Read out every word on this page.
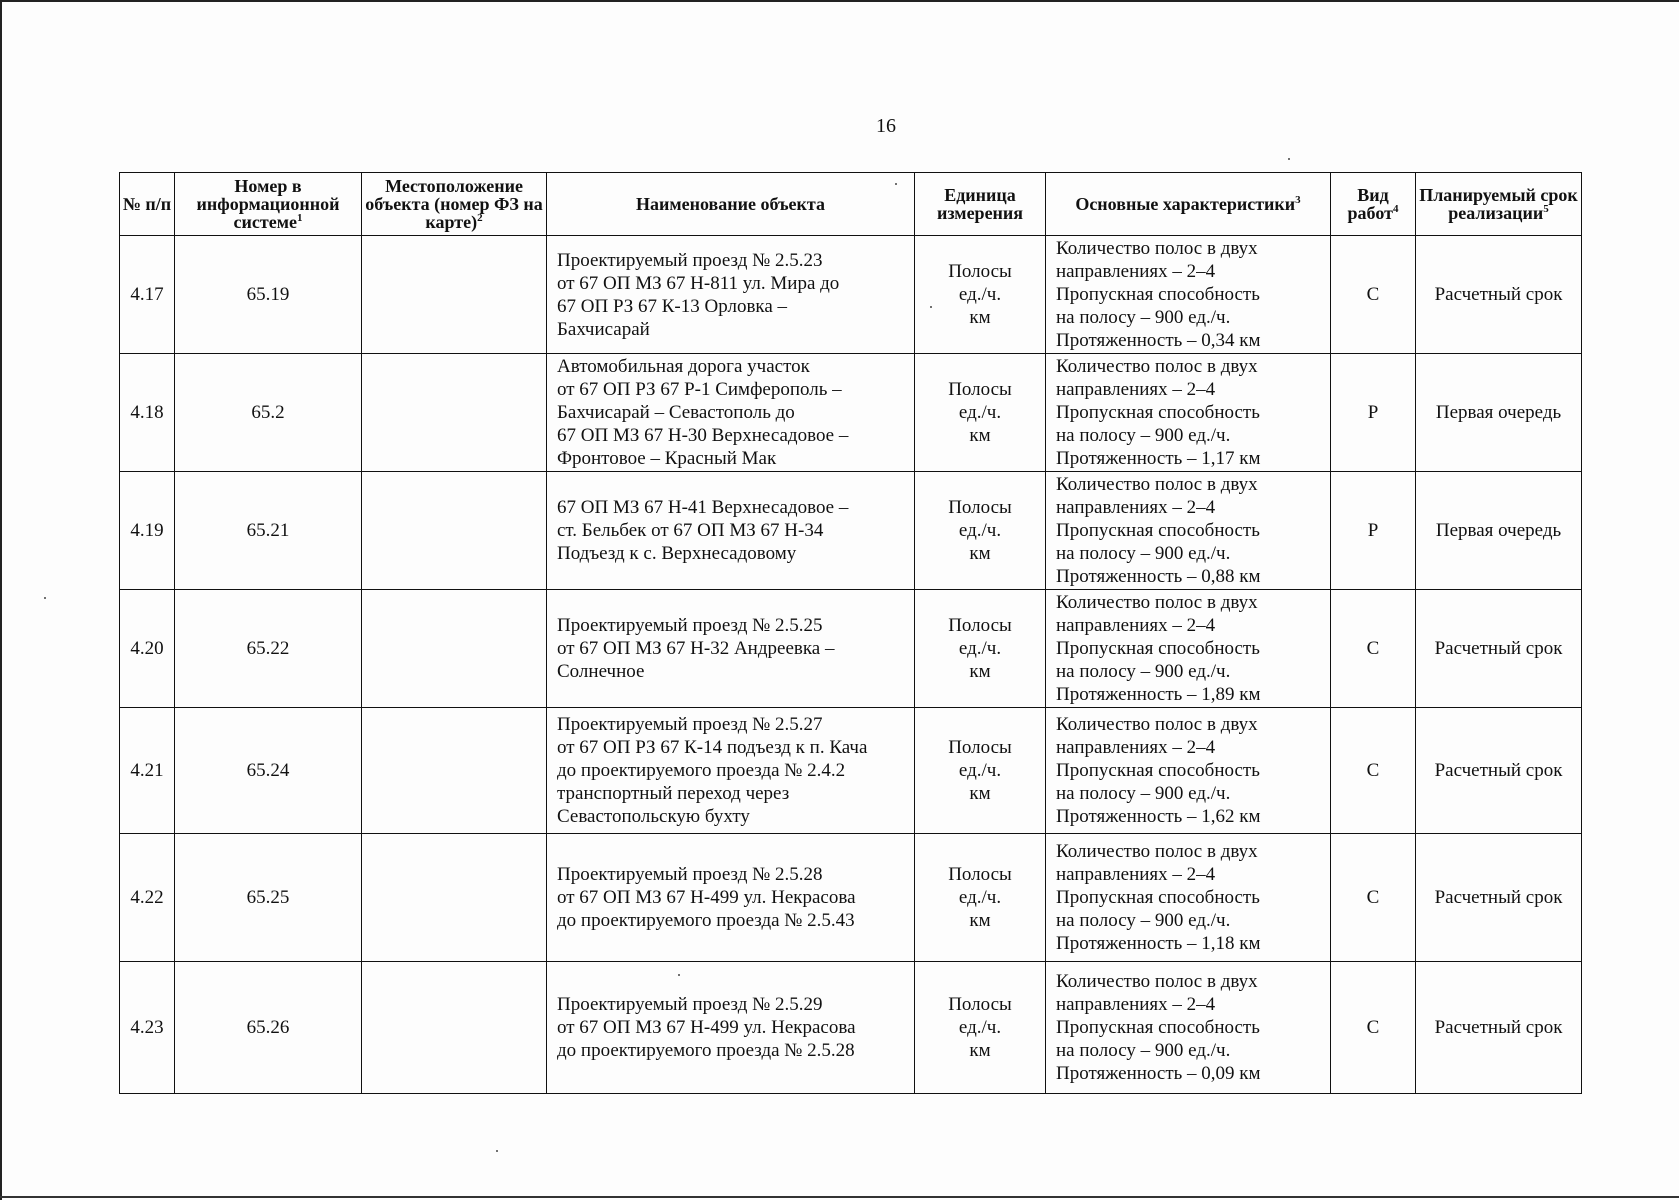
16
№ п/п	Номер в информационной системе$^1$	Местоположение объекта (номер ФЗ на карте)$^2$	Наименование объекта	Единица измерения	Основные характеристики$^3$	Вид работ$^4$	Планируемый срок реализации$^5$
4.17	65.19		Проектируемый проезд № 2.5.23
от 67 ОП МЗ 67 Н-811 ул. Мира до
67 ОП РЗ 67 К-13 Орловка –
Бахчисарай	Полосы
ед./ч.
км	Количество полос в двух
направлениях – 2–4
Пропускная способность
на полосу – 900 ед./ч.
Протяженность – 0,34 км	С	Расчетный срок
4.18	65.2		Автомобильная дорога участок
от 67 ОП РЗ 67 Р-1 Симферополь –
Бахчисарай – Севастополь до
67 ОП МЗ 67 Н-30 Верхнесадовое –
Фронтовое – Красный Мак	Полосы
ед./ч.
км	Количество полос в двух
направлениях – 2–4
Пропускная способность
на полосу – 900 ед./ч.
Протяженность – 1,17 км	Р	Первая очередь
4.19	65.21		67 ОП МЗ 67 Н-41 Верхнесадовое –
ст. Бельбек от 67 ОП МЗ 67 Н-34
Подъезд к с. Верхнесадовому	Полосы
ед./ч.
км	Количество полос в двух
направлениях – 2–4
Пропускная способность
на полосу – 900 ед./ч.
Протяженность – 0,88 км	Р	Первая очередь
4.20	65.22		Проектируемый проезд № 2.5.25
от 67 ОП МЗ 67 Н-32 Андреевка –
Солнечное	Полосы
ед./ч.
км	Количество полос в двух
направлениях – 2–4
Пропускная способность
на полосу – 900 ед./ч.
Протяженность – 1,89 км	С	Расчетный срок
4.21	65.24		Проектируемый проезд № 2.5.27
от 67 ОП РЗ 67 К-14 подъезд к п. Кача
до проектируемого проезда № 2.4.2
транспортный переход через
Севастопольскую бухту	Полосы
ед./ч.
км	Количество полос в двух
направлениях – 2–4
Пропускная способность
на полосу – 900 ед./ч.
Протяженность – 1,62 км	С	Расчетный срок
4.22	65.25		Проектируемый проезд № 2.5.28
от 67 ОП МЗ 67 Н-499 ул. Некрасова
до проектируемого проезда № 2.5.43	Полосы
ед./ч.
км	Количество полос в двух
направлениях – 2–4
Пропускная способность
на полосу – 900 ед./ч.
Протяженность – 1,18 км	С	Расчетный срок
4.23	65.26		Проектируемый проезд № 2.5.29
от 67 ОП МЗ 67 Н-499 ул. Некрасова
до проектируемого проезда № 2.5.28	Полосы
ед./ч.
км	Количество полос в двух
направлениях – 2–4
Пропускная способность
на полосу – 900 ед./ч.
Протяженность – 0,09 км	С	Расчетный срок
